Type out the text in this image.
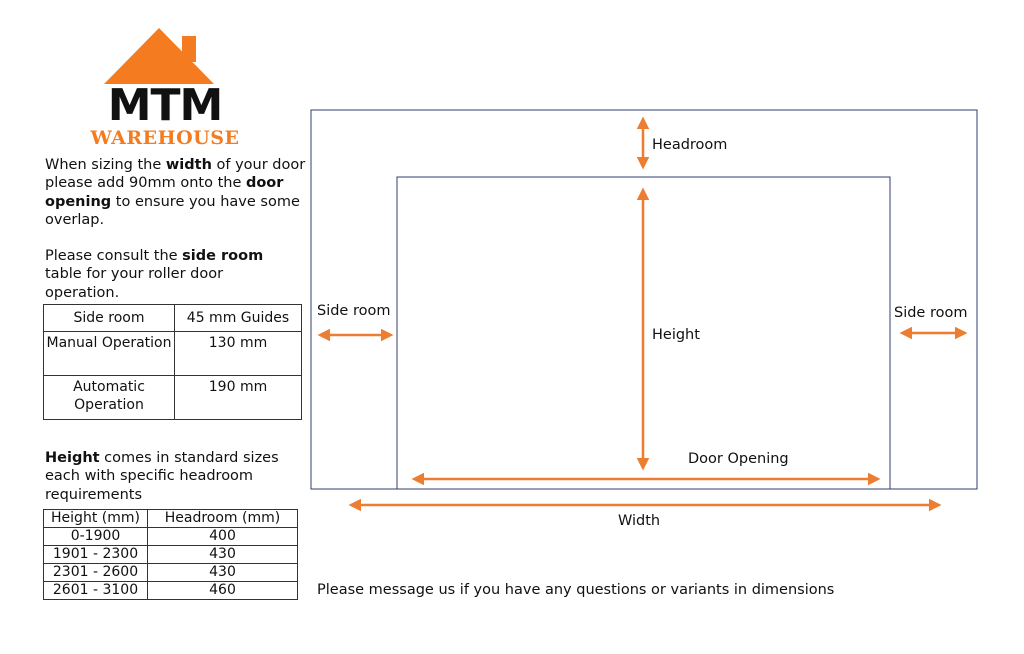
MTM
WAREHOUSE
When sizing the width of your door please add 90mm onto the door opening to ensure you have some overlap.
Please consult the side room table for your roller door operation.
Side room	45 mm Guides
Manual Operation	130 mm
Automatic Operation	190 mm
Height comes in standard sizes each with specific headroom requirements
Height (mm)	Headroom (mm)
0-1900	400
1901 - 2300	430
2301 - 2600	430
2601 - 3100	460
Headroom
Height
Side room	Side room
Door Opening
Width
Please message us if you have any questions or variants in dimensions
